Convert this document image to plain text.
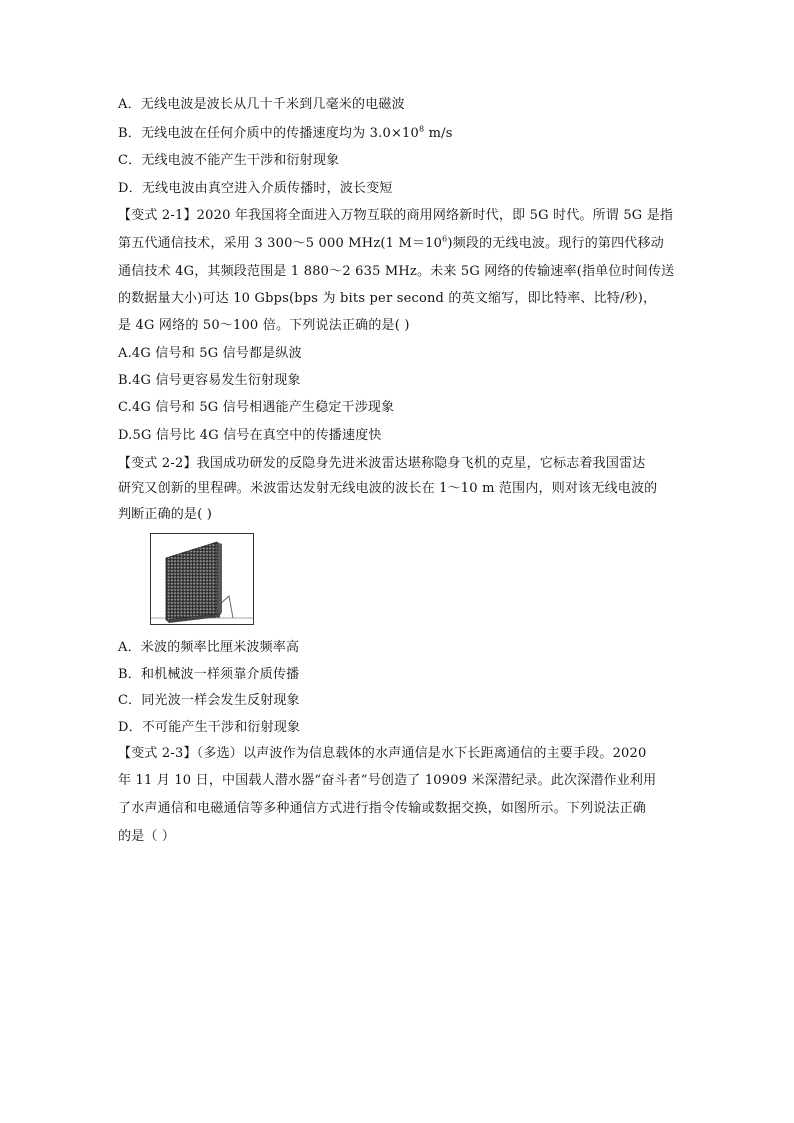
A．无线电波是波长从几十千米到几毫米的电磁波
B．无线电波在任何介质中的传播速度均为 $3.0\times 10^8$ m/s
C．无线电波不能产生干涉和衍射现象
D．无线电波由真空进入介质传播时，波长变短
【变式 2-1】2020 年我国将全面进入万物互联的商用网络新时代，即 5G 时代。所谓 5G 是指
第五代通信技术，采用 3 300～5 000 MHz(1 $M=10^6$)频段的无线电波。现行的第四代移动
通信技术 4G，其频段范围是 1 880～2 635 MHz。未来 5G 网络的传输速率(指单位时间传送
的数据量大小)可达 10 Gbps(bps 为 bits per second 的英文缩写，即比特率、比特/秒)，
是 4G 网络的 50～100 倍。下列说法正确的是( )
A.4G 信号和 5G 信号都是纵波
B.4G 信号更容易发生衍射现象
C.4G 信号和 5G 信号相遇能产生稳定干涉现象
D.5G 信号比 4G 信号在真空中的传播速度快
【变式 2-2】我国成功研发的反隐身先进米波雷达堪称隐身飞机的克星，它标志着我国雷达
研究又创新的里程碑。米波雷达发射无线电波的波长在 1～10 m 范围内，则对该无线电波的
判断正确的是( )
A．米波的频率比厘米波频率高
B．和机械波一样须靠介质传播
C．同光波一样会发生反射现象
D．不可能产生干涉和衍射现象
【变式 2-3】（多选）以声波作为信息载体的水声通信是水下长距离通信的主要手段。2020
年 11 月 10 日，中国载人潜水器“奋斗者”号创造了 10909 米深潜纪录。此次深潜作业利用
了水声通信和电磁通信等多种通信方式进行指令传输或数据交换，如图所示。下列说法正确
的是（ ）
